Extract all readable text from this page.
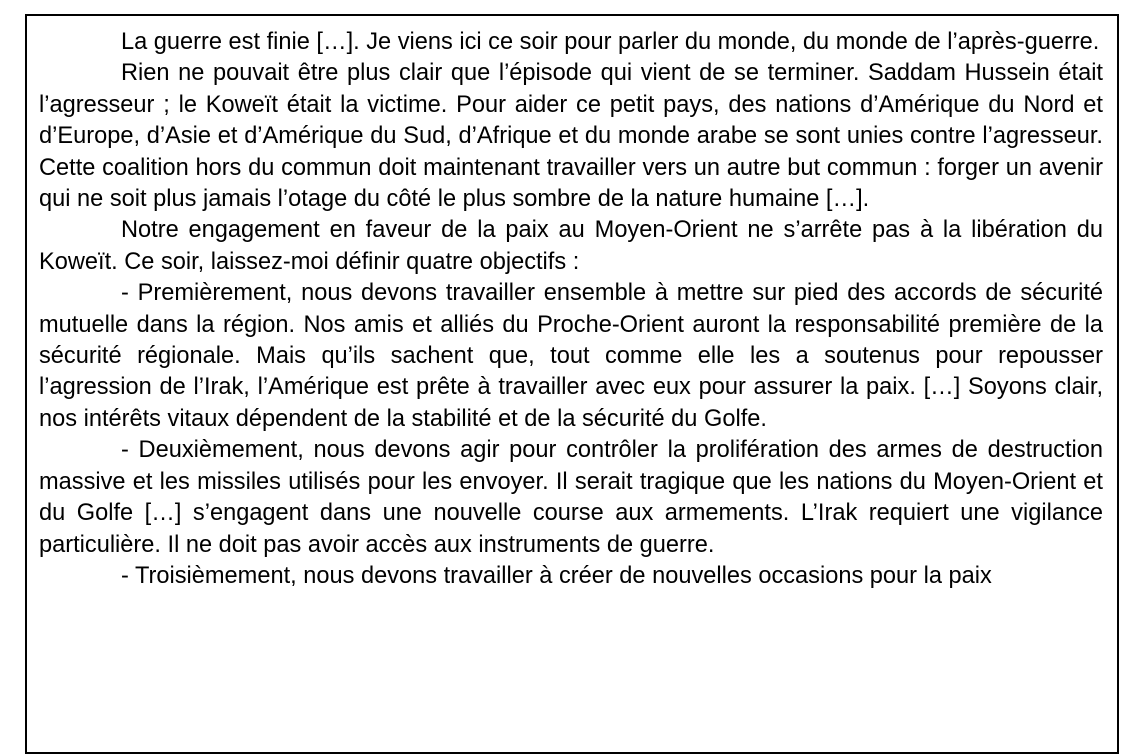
La guerre est finie […]. Je viens ici ce soir pour parler du monde, du monde de l’après-guerre.

Rien ne pouvait être plus clair que l’épisode qui vient de se terminer. Saddam Hussein était l’agresseur ; le Koweït était la victime. Pour aider ce petit pays, des nations d’Amérique du Nord et d’Europe, d’Asie et d’Amérique du Sud, d’Afrique et du monde arabe se sont unies contre l’agresseur. Cette coalition hors du commun doit maintenant travailler vers un autre but commun : forger un avenir qui ne soit plus jamais l’otage du côté le plus sombre de la nature humaine […].

Notre engagement en faveur de la paix au Moyen-Orient ne s’arrête pas à la libération du Koweït. Ce soir, laissez-moi définir quatre objectifs :

- Premièrement, nous devons travailler ensemble à mettre sur pied des accords de sécurité mutuelle dans la région. Nos amis et alliés du Proche-Orient auront la responsabilité première de la sécurité régionale. Mais qu’ils sachent que, tout comme elle les a soutenus pour repousser l’agression de l’Irak, l’Amérique est prête à travailler avec eux pour assurer la paix. […] Soyons clair, nos intérêts vitaux dépendent de la stabilité et de la sécurité du Golfe.

- Deuxièmement, nous devons agir pour contrôler la prolifération des armes de destruction massive et les missiles utilisés pour les envoyer. Il serait tragique que les nations du Moyen-Orient et du Golfe […] s’engagent dans une nouvelle course aux armements. L’Irak requiert une vigilance particulière. Il ne doit pas avoir accès aux instruments de guerre.
